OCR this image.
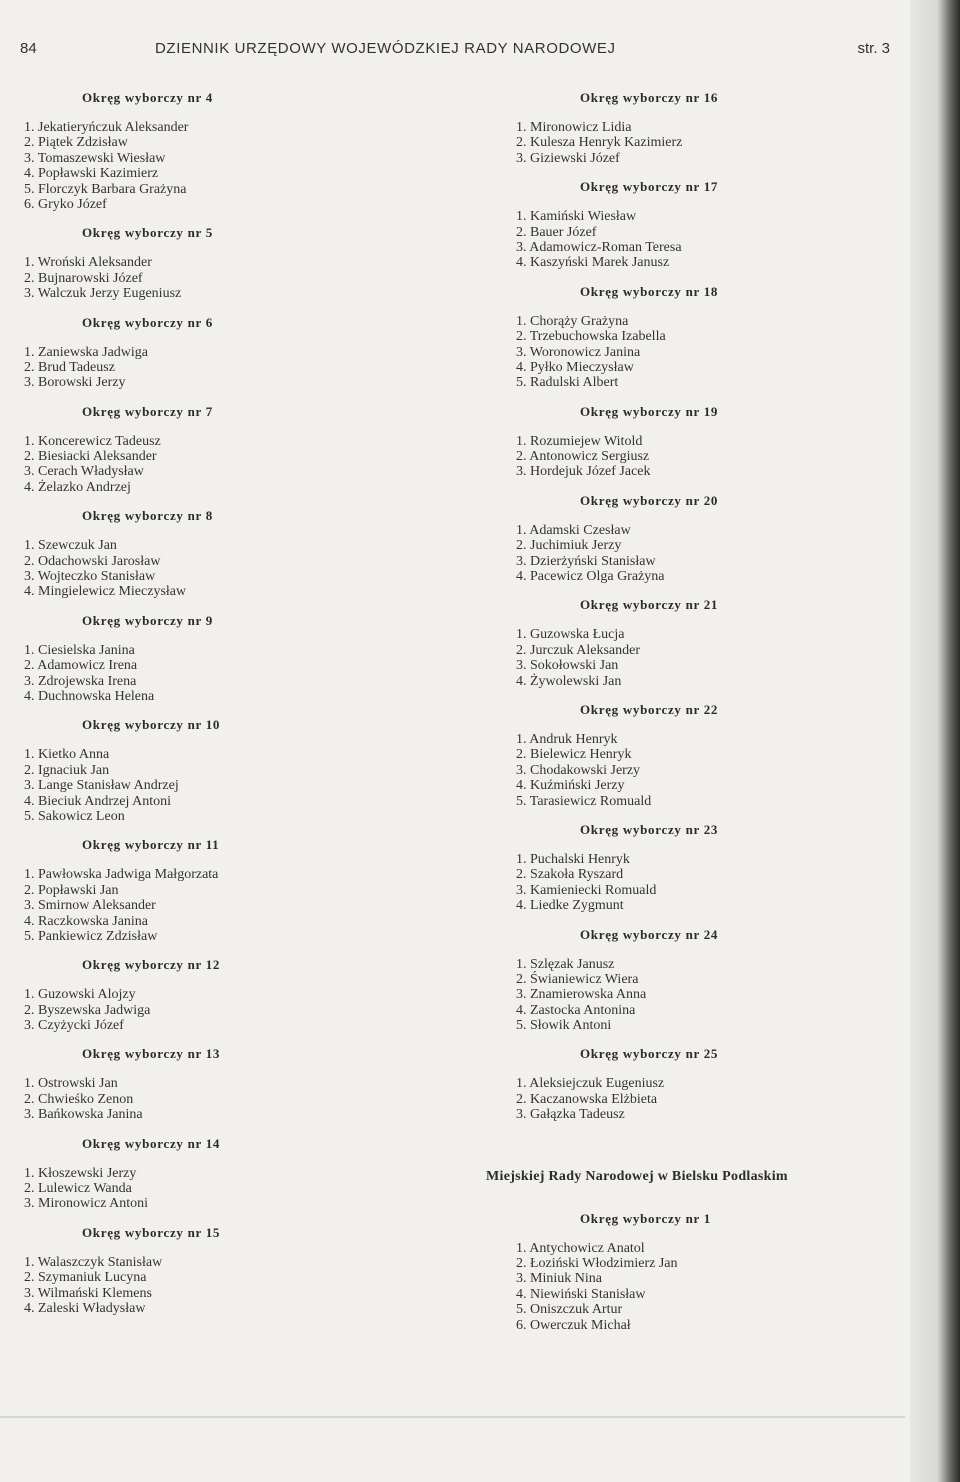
84	DZIENNIK URZĘDOWY WOJEWÓDZKIEJ RADY NARODOWEJ	str. 3
Okręg wyborczy nr 4
1. Jekatieryńczuk Aleksander
2. Piątek Zdzisław
3. Tomaszewski Wiesław
4. Popławski Kazimierz
5. Florczyk Barbara Grażyna
6. Gryko Józef
Okręg wyborczy nr 5
1. Wroński Aleksander
2. Bujnarowski Józef
3. Walczuk Jerzy Eugeniusz
Okręg wyborczy nr 6
1. Zaniewska Jadwiga
2. Brud Tadeusz
3. Borowski Jerzy
Okręg wyborczy nr 7
1. Koncerewicz Tadeusz
2. Biesiacki Aleksander
3. Cerach Władysław
4. Żelazko Andrzej
Okręg wyborczy nr 8
1. Szewczuk Jan
2. Odachowski Jarosław
3. Wojteczko Stanisław
4. Mingielewicz Mieczysław
Okręg wyborczy nr 9
1. Ciesielska Janina
2. Adamowicz Irena
3. Zdrojewska Irena
4. Duchnowska Helena
Okręg wyborczy nr 10
1. Kietko Anna
2. Ignaciuk Jan
3. Lange Stanisław Andrzej
4. Bieciuk Andrzej Antoni
5. Sakowicz Leon
Okręg wyborczy nr 11
1. Pawłowska Jadwiga Małgorzata
2. Popławski Jan
3. Smirnow Aleksander
4. Raczkowska Janina
5. Pankiewicz Zdzisław
Okręg wyborczy nr 12
1. Guzowski Alojzy
2. Byszewska Jadwiga
3. Czyżycki Józef
Okręg wyborczy nr 13
1. Ostrowski Jan
2. Chwieśko Zenon
3. Bańkowska Janina
Okręg wyborczy nr 14
1. Kłoszewski Jerzy
2. Lulewicz Wanda
3. Mironowicz Antoni
Okręg wyborczy nr 15
1. Walaszczyk Stanisław
2. Szymaniuk Lucyna
3. Wilmański Klemens
4. Zaleski Władysław
Okręg wyborczy nr 16
1. Mironowicz Lidia
2. Kulesza Henryk Kazimierz
3. Giziewski Józef
Okręg wyborczy nr 17
1. Kamiński Wiesław
2. Bauer Józef
3. Adamowicz-Roman Teresa
4. Kaszyński Marek Janusz
Okręg wyborczy nr 18
1. Chorąży Grażyna
2. Trzebuchowska Izabella
3. Woronowicz Janina
4. Pyłko Mieczysław
5. Radulski Albert
Okręg wyborczy nr 19
1. Rozumiejew Witold
2. Antonowicz Sergiusz
3. Hordejuk Józef Jacek
Okręg wyborczy nr 20
1. Adamski Czesław
2. Juchimiuk Jerzy
3. Dzierżyński Stanisław
4. Pacewicz Olga Grażyna
Okręg wyborczy nr 21
1. Guzowska Łucja
2. Jurczuk Aleksander
3. Sokołowski Jan
4. Żywolewski Jan
Okręg wyborczy nr 22
1. Andruk Henryk
2. Bielewicz Henryk
3. Chodakowski Jerzy
4. Kuźmiński Jerzy
5. Tarasiewicz Romuald
Okręg wyborczy nr 23
1. Puchalski Henryk
2. Szakoła Ryszard
3. Kamieniecki Romuald
4. Liedke Zygmunt
Okręg wyborczy nr 24
1. Szlęzak Janusz
2. Świaniewicz Wiera
3. Znamierowska Anna
4. Zastocka Antonina
5. Słowik Antoni
Okręg wyborczy nr 25
1. Aleksiejczuk Eugeniusz
2. Kaczanowska Elżbieta
3. Gałązka Tadeusz
Miejskiej Rady Narodowej w Bielsku Podlaskim
Okręg wyborczy nr 1
1. Antychowicz Anatol
2. Łoziński Włodzimierz Jan
3. Miniuk Nina
4. Niewiński Stanisław
5. Oniszczuk Artur
6. Owerczuk Michał
